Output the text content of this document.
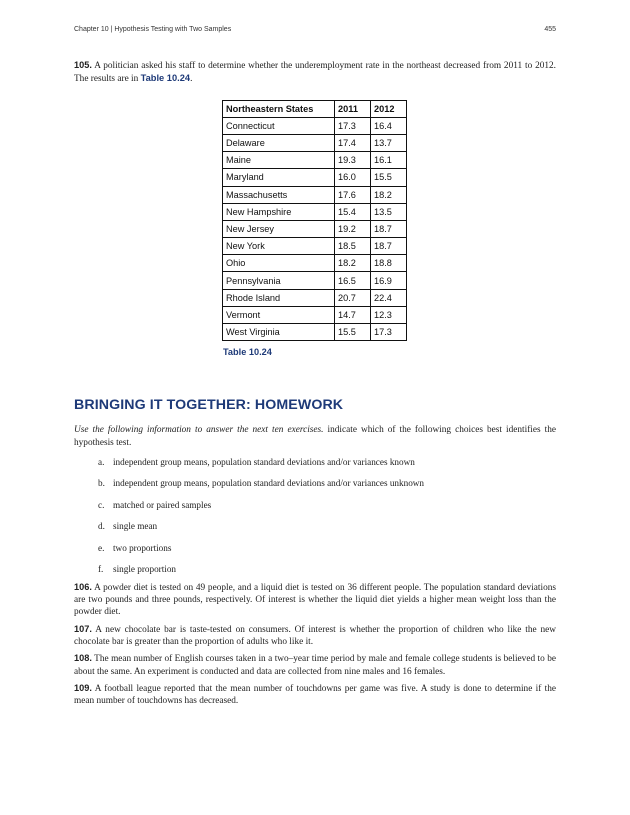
Chapter 10 | Hypothesis Testing with Two Samples	455

105. A politician asked his staff to determine whether the underemployment rate in the northeast decreased from 2011 to 2012. The results are in Table 10.24.

Northeastern States	2011	2012
Connecticut	17.3	16.4
Delaware	17.4	13.7
Maine	19.3	16.1
Maryland	16.0	15.5
Massachusetts	17.6	18.2
New Hampshire	15.4	13.5
New Jersey	19.2	18.7
New York	18.5	18.7
Ohio	18.2	18.8
Pennsylvania	16.5	16.9
Rhode Island	20.7	22.4
Vermont	14.7	12.3
West Virginia	15.5	17.3
Table 10.24
BRINGING IT TOGETHER: HOMEWORK

Use the following information to answer the next ten exercises. indicate which of the following choices best identifies the hypothesis test.

a. independent group means, population standard deviations and/or variances known
b. independent group means, population standard deviations and/or variances unknown
c. matched or paired samples
d. single mean
e. two proportions
f. single proportion

106. A powder diet is tested on 49 people, and a liquid diet is tested on 36 different people. The population standard deviations are two pounds and three pounds, respectively. Of interest is whether the liquid diet yields a higher mean weight loss than the powder diet.

107. A new chocolate bar is taste-tested on consumers. Of interest is whether the proportion of children who like the new chocolate bar is greater than the proportion of adults who like it.

108. The mean number of English courses taken in a two–year time period by male and female college students is believed to be about the same. An experiment is conducted and data are collected from nine males and 16 females.

109. A football league reported that the mean number of touchdowns per game was five. A study is done to determine if the mean number of touchdowns has decreased.
